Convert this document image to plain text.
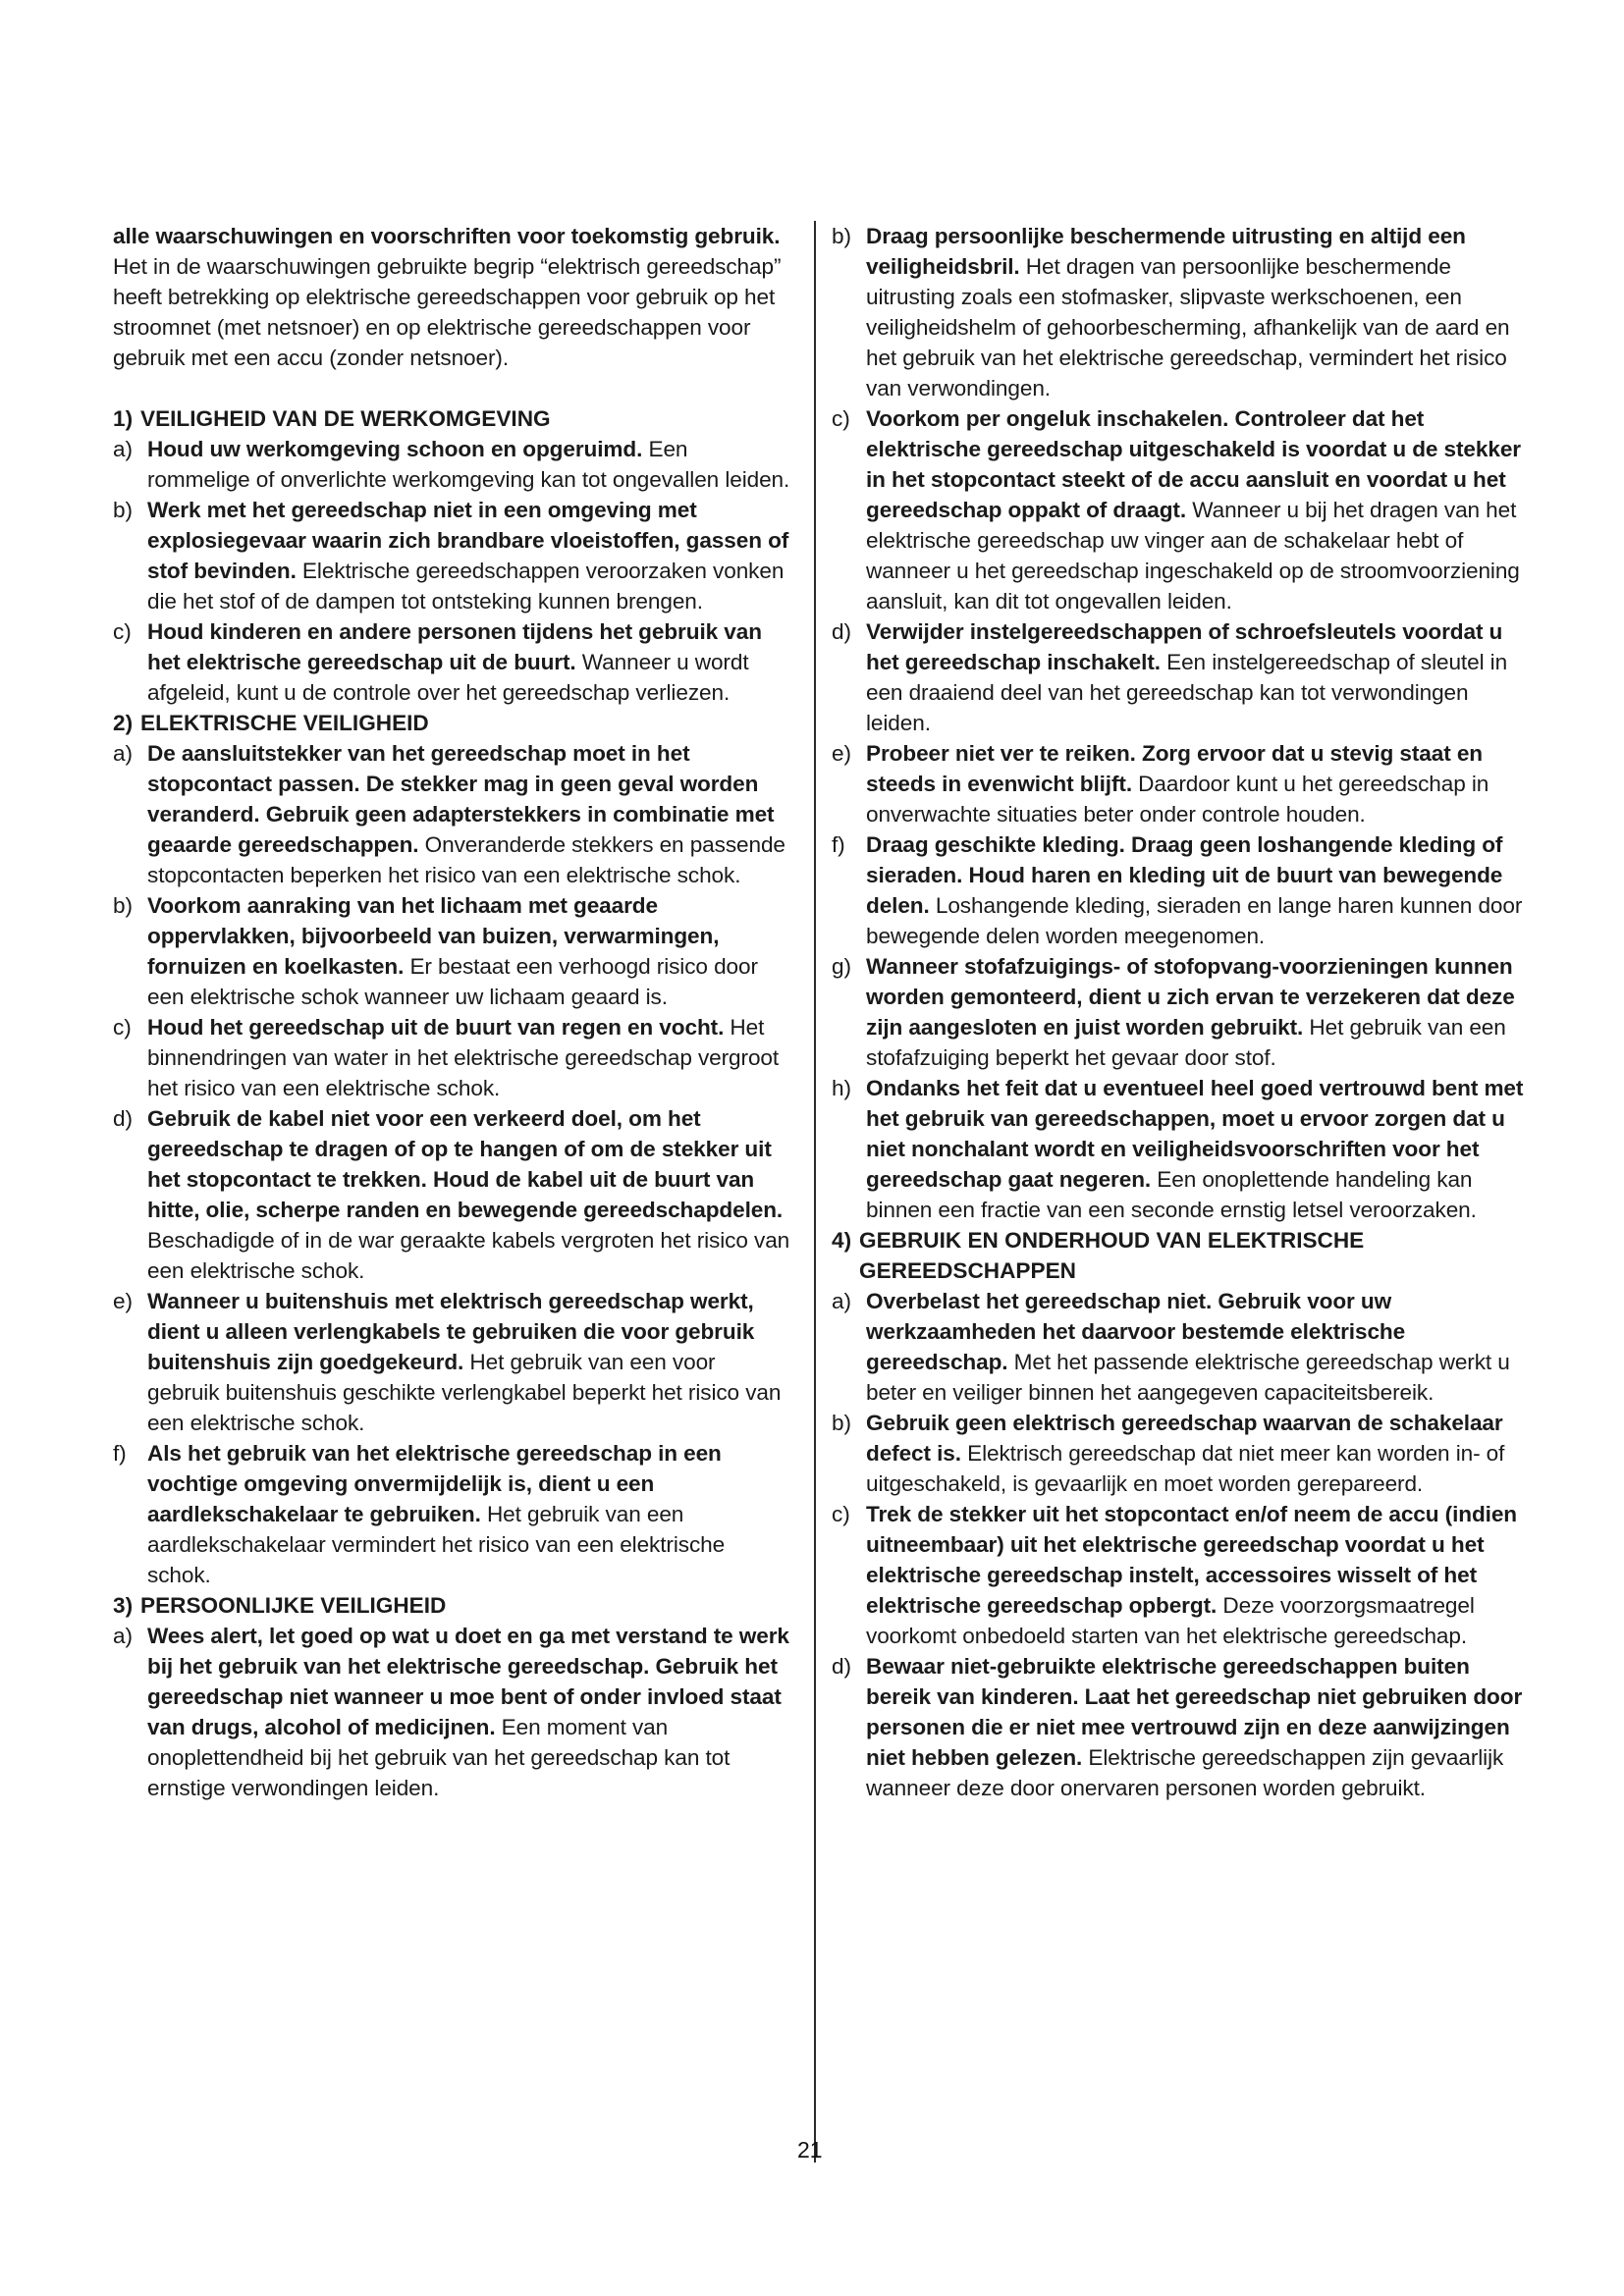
alle waarschuwingen en voorschriften voor toekomstig gebruik. Het in de waarschuwingen gebruikte begrip “elektrisch gereedschap” heeft betrekking op elektrische gereedschappen voor gebruik op het stroomnet (met netsnoer) en op elektrische gereedschappen voor gebruik met een accu (zonder netsnoer).

1) VEILIGHEID VAN DE WERKOMGEVING
a) Houd uw werkomgeving schoon en opgeruimd. Een rommelige of onverlichte werkomgeving kan tot ongevallen leiden.
b) Werk met het gereedschap niet in een omgeving met explosiegevaar waarin zich brandbare vloeistoffen, gassen of stof bevinden. Elektrische gereedschappen veroorzaken vonken die het stof of de dampen tot ontsteking kunnen brengen.
c) Houd kinderen en andere personen tijdens het gebruik van het elektrische gereedschap uit de buurt. Wanneer u wordt afgeleid, kunt u de controle over het gereedschap verliezen.
2) ELEKTRISCHE VEILIGHEID
a) De aansluitstekker van het gereedschap moet in het stopcontact passen. De stekker mag in geen geval worden veranderd. Gebruik geen adapterstekkers in combinatie met geaarde gereedschappen. Onveranderde stekkers en passende stopcontacten beperken het risico van een elektrische schok.
b) Voorkom aanraking van het lichaam met geaarde oppervlakken, bijvoorbeeld van buizen, verwarmingen, fornuizen en koelkasten. Er bestaat een verhoogd risico door een elektrische schok wanneer uw lichaam geaard is.
c) Houd het gereedschap uit de buurt van regen en vocht. Het binnendringen van water in het elektrische gereedschap vergroot het risico van een elektrische schok.
d) Gebruik de kabel niet voor een verkeerd doel, om het gereedschap te dragen of op te hangen of om de stekker uit het stopcontact te trekken. Houd de kabel uit de buurt van hitte, olie, scherpe randen en bewegende gereedschapdelen. Beschadigde of in de war geraakte kabels vergroten het risico van een elektrische schok.
e) Wanneer u buitenshuis met elektrisch gereedschap werkt, dient u alleen verlengkabels te gebruiken die voor gebruik buitenshuis zijn goedgekeurd. Het gebruik van een voor gebruik buitenshuis geschikte verlengkabel beperkt het risico van een elektrische schok.
f) Als het gebruik van het elektrische gereedschap in een vochtige omgeving onvermijdelijk is, dient u een aardlekschakelaar te gebruiken. Het gebruik van een aardlekschakelaar vermindert het risico van een elektrische schok.
3) PERSOONLIJKE VEILIGHEID
a) Wees alert, let goed op wat u doet en ga met verstand te werk bij het gebruik van het elektrische gereedschap. Gebruik het gereedschap niet wanneer u moe bent of onder invloed staat van drugs, alcohol of medicijnen. Een moment van onoplettendheid bij het gebruik van het gereedschap kan tot ernstige verwondingen leiden.
b) Draag persoonlijke beschermende uitrusting en altijd een veiligheidsbril. Het dragen van persoonlijke beschermende uitrusting zoals een stofmasker, slipvaste werkschoenen, een veiligheidshelm of gehoorbescherming, afhankelijk van de aard en het gebruik van het elektrische gereedschap, vermindert het risico van verwondingen.
c) Voorkom per ongeluk inschakelen. Controleer dat het elektrische gereedschap uitgeschakeld is voordat u de stekker in het stopcontact steekt of de accu aansluit en voordat u het gereedschap oppakt of draagt. Wanneer u bij het dragen van het elektrische gereedschap uw vinger aan de schakelaar hebt of wanneer u het gereedschap ingeschakeld op de stroomvoorziening aansluit, kan dit tot ongevallen leiden.
d) Verwijder instelgereedschappen of schroefsleutels voordat u het gereedschap inschakelt. Een instelgereedschap of sleutel in een draaiend deel van het gereedschap kan tot verwondingen leiden.
e) Probeer niet ver te reiken. Zorg ervoor dat u stevig staat en steeds in evenwicht blijft. Daardoor kunt u het gereedschap in onverwachte situaties beter onder controle houden.
f) Draag geschikte kleding. Draag geen loshangende kleding of sieraden. Houd haren en kleding uit de buurt van bewegende delen. Loshangende kleding, sieraden en lange haren kunnen door bewegende delen worden meegenomen.
g) Wanneer stofafzuigings- of stofopvang-voorzieningen kunnen worden gemonteerd, dient u zich ervan te verzekeren dat deze zijn aangesloten en juist worden gebruikt. Het gebruik van een stofafzuiging beperkt het gevaar door stof.
h) Ondanks het feit dat u eventueel heel goed vertrouwd bent met het gebruik van gereedschappen, moet u ervoor zorgen dat u niet nonchalant wordt en veiligheidsvoorschriften voor het gereedschap gaat negeren. Een onoplettende handeling kan binnen een fractie van een seconde ernstig letsel veroorzaken.
4) GEBRUIK EN ONDERHOUD VAN ELEKTRISCHE GEREEDSCHAPPEN
a) Overbelast het gereedschap niet. Gebruik voor uw werkzaamheden het daarvoor bestemde elektrische gereedschap. Met het passende elektrische gereedschap werkt u beter en veiliger binnen het aangegeven capaciteitsbereik.
b) Gebruik geen elektrisch gereedschap waarvan de schakelaar defect is. Elektrisch gereedschap dat niet meer kan worden in- of uitgeschakeld, is gevaarlijk en moet worden gerepareerd.
c) Trek de stekker uit het stopcontact en/of neem de accu (indien uitneembaar) uit het elektrische gereedschap voordat u het elektrische gereedschap instelt, accessoires wisselt of het elektrische gereedschap opbergt. Deze voorzorgsmaatregel voorkomt onbedoeld starten van het elektrische gereedschap.
d) Bewaar niet-gebruikte elektrische gereedschappen buiten bereik van kinderen. Laat het gereedschap niet gebruiken door personen die er niet mee vertrouwd zijn en deze aanwijzingen niet hebben gelezen. Elektrische gereedschappen zijn gevaarlijk wanneer deze door onervaren personen worden gebruikt.
21
